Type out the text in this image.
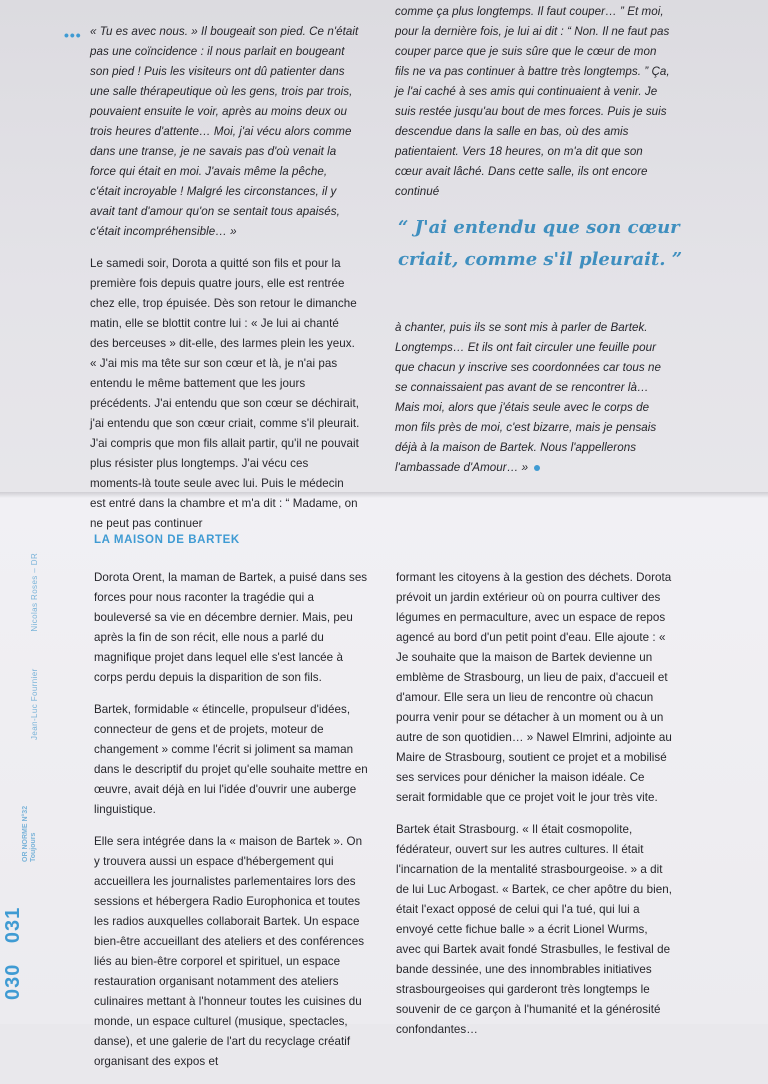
••• « Tu es avec nous. » Il bougeait son pied. Ce n'était pas une coïncidence : il nous parlait en bougeant son pied ! Puis les visiteurs ont dû patienter dans une salle thérapeutique où les gens, trois par trois, pouvaient ensuite le voir, après au moins deux ou trois heures d'attente… Moi, j'ai vécu alors comme dans une transe, je ne savais pas d'où venait la force qui était en moi. J'avais même la pêche, c'était incroyable ! Malgré les circonstances, il y avait tant d'amour qu'on se sentait tous apaisés, c'était incompréhensible… »

Le samedi soir, Dorota a quitté son fils et pour la première fois depuis quatre jours, elle est rentrée chez elle, trop épuisée. Dès son retour le dimanche matin, elle se blottit contre lui : « Je lui ai chanté des berceuses » dit-elle, des larmes plein les yeux. « J'ai mis ma tête sur son cœur et là, je n'ai pas entendu le même battement que les jours précédents. J'ai entendu que son cœur se déchirait, j'ai entendu que son cœur criait, comme s'il pleurait. J'ai compris que mon fils allait partir, qu'il ne pouvait plus résister plus longtemps. J'ai vécu ces moments-là toute seule avec lui. Puis le médecin est entré dans la chambre et m'a dit : “ Madame, on ne peut pas continuer

comme ça plus longtemps. Il faut couper… ” Et moi, pour la dernière fois, je lui ai dit : “ Non. Il ne faut pas couper parce que je suis sûre que le cœur de mon fils ne va pas continuer à battre très longtemps. ” Ça, je l'ai caché à ses amis qui continuaient à venir. Je suis restée jusqu'au bout de mes forces. Puis je suis descendue dans la salle en bas, où des amis patientaient. Vers 18 heures, on m'a dit que son cœur avait lâché. Dans cette salle, ils ont encore continué

“ J'ai entendu que son cœur criait, comme s'il pleurait. ”

à chanter, puis ils se sont mis à parler de Bartek. Longtemps… Et ils ont fait circuler une feuille pour que chacun y inscrive ses coordonnées car tous ne se connaissaient pas avant de se rencontrer là… Mais moi, alors que j'étais seule avec le corps de mon fils près de moi, c'est bizarre, mais je pensais déjà à la maison de Bartek. Nous l'appellerons l'ambassade d'Amour… »

LA MAISON DE BARTEK

Dorota Orent, la maman de Bartek, a puisé dans ses forces pour nous raconter la tragédie qui a bouleversé sa vie en décembre dernier. Mais, peu après la fin de son récit, elle nous a parlé du magnifique projet dans lequel elle s'est lancée à corps perdu depuis la disparition de son fils.

Bartek, formidable « étincelle, propulseur d'idées, connecteur de gens et de projets, moteur de changement » comme l'écrit si joliment sa maman dans le descriptif du projet qu'elle souhaite mettre en œuvre, avait déjà en lui l'idée d'ouvrir une auberge linguistique.

Elle sera intégrée dans la « maison de Bartek ». On y trouvera aussi un espace d'hébergement qui accueillera les journalistes parlementaires lors des sessions et hébergera Radio Europhonica et toutes les radios auxquelles collaborait Bartek. Un espace bien-être accueillant des ateliers et des conférences liés au bien-être corporel et spirituel, un espace restauration organisant notamment des ateliers culinaires mettant à l'honneur toutes les cuisines du monde, un espace culturel (musique, spectacles, danse), et une galerie de l'art du recyclage créatif organisant des expos et

formant les citoyens à la gestion des déchets. Dorota prévoit un jardin extérieur où on pourra cultiver des légumes en permaculture, avec un espace de repos agencé au bord d'un petit point d'eau. Elle ajoute : « Je souhaite que la maison de Bartek devienne un emblème de Strasbourg, un lieu de paix, d'accueil et d'amour. Elle sera un lieu de rencontre où chacun pourra venir pour se détacher à un moment ou à un autre de son quotidien… » Nawel Elmrini, adjointe au Maire de Strasbourg, soutient ce projet et a mobilisé ses services pour dénicher la maison idéale. Ce serait formidable que ce projet voit le jour très vite.

Bartek était Strasbourg. « Il était cosmopolite, fédérateur, ouvert sur les autres cultures. Il était l'incarnation de la mentalité strasbourgeoise. » a dit de lui Luc Arbogast. « Bartek, ce cher apôtre du bien, était l'exact opposé de celui qui l'a tué, qui lui a envoyé cette fichue balle » a écrit Lionel Wurms, avec qui Bartek avait fondé Strasbulles, le festival de bande dessinée, une des innombrables initiatives strasbourgeoises qui garderont très longtemps le souvenir de ce garçon à l'humanité et la générosité confondantes…

Jean-Luc Fournier Nicolas Roses – DR
OR NORME N°32 Toujours
030 031
